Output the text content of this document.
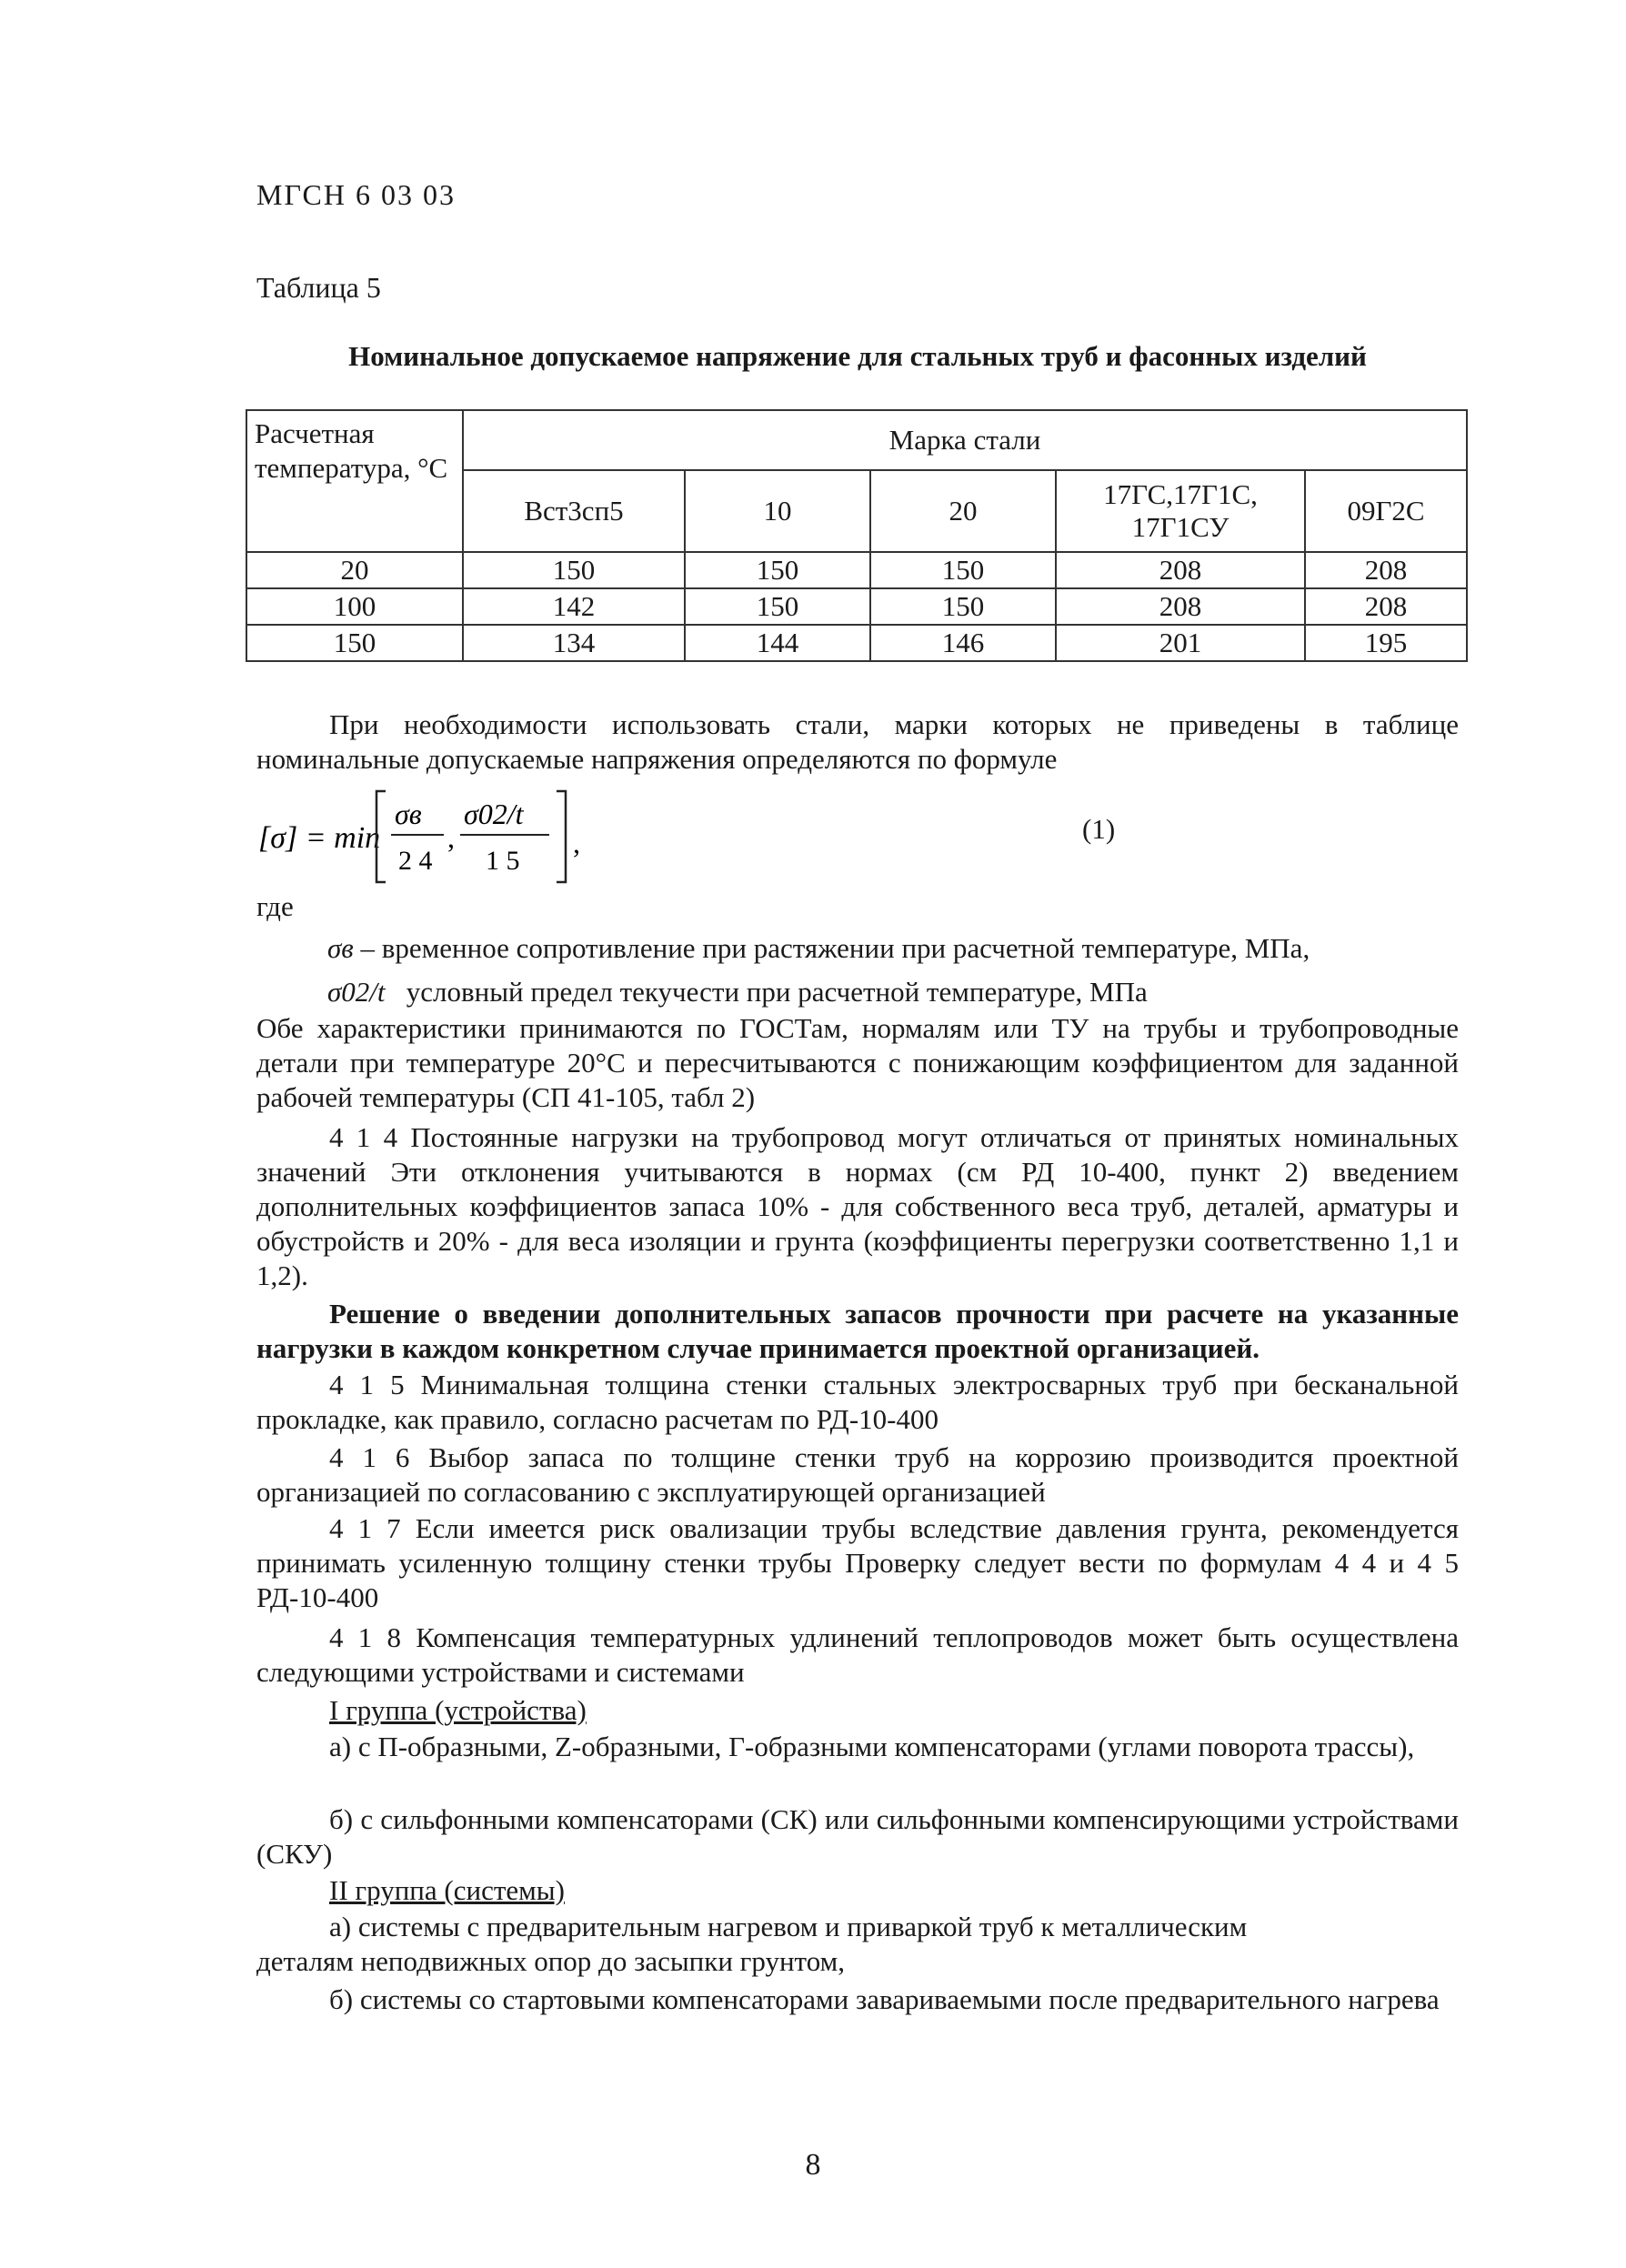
МГСН 6 03 03
Таблица 5
Номинальное допускаемое напряжение для стальных труб и фасонных изделий
Расчетная температура, °С	Марка стали				
	Вст3сп5	10	20	17ГС,17Г1С, 17Г1СУ	09Г2С
20	150	150	150	208	208
100	142	150	150	208	208
150	134	144	146	201	195
При необходимости использовать стали, марки которых не приведены в таблице номинальные допускаемые напряжения определяются по формуле
[σ] = min
σв
2 4
,
σ02/t
1 5
,	(1)
где
σв – временное сопротивление при растяжении при расчетной температуре, МПа,
σ02/t условный предел текучести при расчетной температуре, МПа
Обе характеристики принимаются по ГОСТам, нормалям или ТУ на трубы и трубопроводные детали при температуре 20°С и пересчитываются с понижающим коэффициентом для заданной рабочей температуры (СП 41-105, табл 2)
4 1 4 Постоянные нагрузки на трубопровод могут отличаться от принятых номинальных значений Эти отклонения учитываются в нормах (см РД 10-400, пункт 2) введением дополнительных коэффициентов запаса 10% - для собственного веса труб, деталей, арматуры и обустройств и 20% - для веса изоляции и грунта (коэффициенты перегрузки соответственно 1,1 и 1,2).
Решение о введении дополнительных запасов прочности при расчете на указанные нагрузки в каждом конкретном случае принимается проектной организацией.
4 1 5 Минимальная толщина стенки стальных электросварных труб при бесканальной прокладке, как правило, согласно расчетам по РД-10-400
4 1 6 Выбор запаса по толщине стенки труб на коррозию производится проектной организацией по согласованию с эксплуатирующей организацией
4 1 7 Если имеется риск овализации трубы вследствие давления грунта, рекомендуется принимать усиленную толщину стенки трубы Проверку следует вести по формулам 4 4 и 4 5 РД-10-400
4 1 8 Компенсация температурных удлинений теплопроводов может быть осуществлена следующими устройствами и системами
I группа (устройства)
а) с П-образными, Z-образными, Г-образными компенсаторами (углами поворота трассы),
б) с сильфонными компенсаторами (СК) или сильфонными компенсирующими устройствами (СКУ)
II группа (системы)
а) системы с предварительным нагревом и приваркой труб к металлическим деталям неподвижных опор до засыпки грунтом,
б) системы со стартовыми компенсаторами завариваемыми после предварительного нагрева
8
